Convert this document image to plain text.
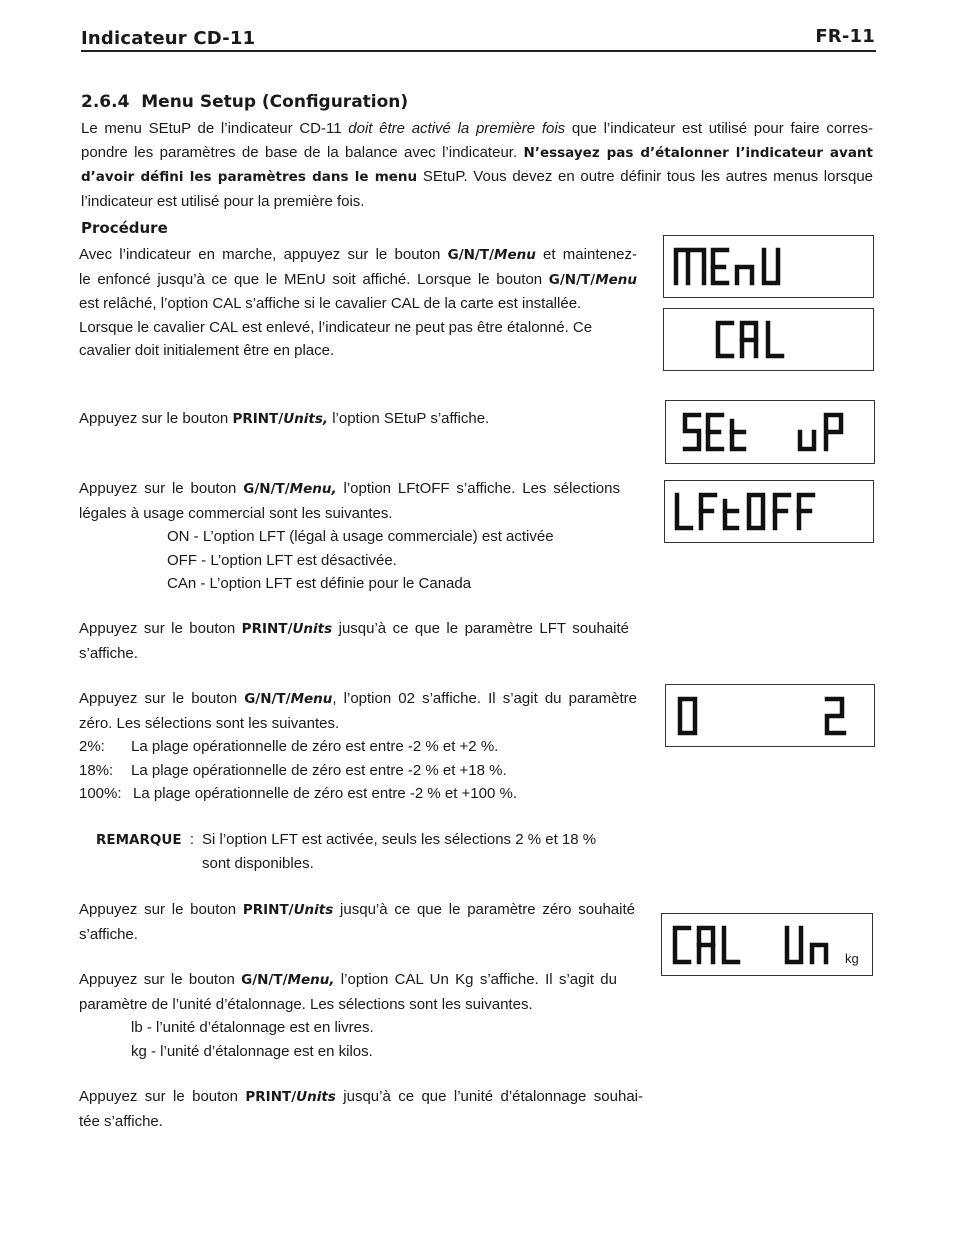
Indicateur CD-11	FR-11
2.6.4 Menu Setup (Configuration)
Le menu SEtuP de l’indicateur CD-11 doit être activé la première fois que l’indicateur est utilisé pour faire corres-
pondre les paramètres de base de la balance avec l’indicateur. N’essayez pas d’étalonner l’indicateur avant
d’avoir défini les paramètres dans le menu SEtuP. Vous devez en outre définir tous les autres menus lorsque
l’indicateur est utilisé pour la première fois.
Procédure
Avec l’indicateur en marche, appuyez sur le bouton G/N/T/Menu et maintenez-
le enfoncé jusqu’à ce que le MEnU soit affiché. Lorsque le bouton G/N/T/Menu
est relâché, l’option CAL s’affiche si le cavalier CAL de la carte est installée.
Lorsque le cavalier CAL est enlevé, l’indicateur ne peut pas être étalonné. Ce
cavalier doit initialement être en place.
Appuyez sur le bouton PRINT/Units, l’option SEtuP s’affiche.
Appuyez sur le bouton G/N/T/Menu, l’option LFtOFF s’affiche. Les sélections
légales à usage commercial sont les suivantes.
ON - L’option LFT (légal à usage commerciale) est activée
OFF - L’option LFT est désactivée.
CAn - L’option LFT est définie pour le Canada
Appuyez sur le bouton PRINT/Units jusqu’à ce que le paramètre LFT souhaité
s’affiche.
Appuyez sur le bouton G/N/T/Menu, l’option 02 s’affiche. Il s’agit du paramètre
zéro. Les sélections sont les suivantes.
2%: La plage opérationnelle de zéro est entre -2 % et +2 %.
18%: La plage opérationnelle de zéro est entre -2 % et +18 %.
100%: La plage opérationnelle de zéro est entre -2 % et +100 %.
REMARQUE : Si l’option LFT est activée, seuls les sélections 2 % et 18 %
sont disponibles.
Appuyez sur le bouton PRINT/Units jusqu’à ce que le paramètre zéro souhaité
s’affiche.
Appuyez sur le bouton G/N/T/Menu, l’option CAL Un Kg s’affiche. Il s’agit du
paramètre de l’unité d’étalonnage. Les sélections sont les suivantes.
lb - l’unité d’étalonnage est en livres.
kg - l’unité d’étalonnage est en kilos.
Appuyez sur le bouton PRINT/Units jusqu’à ce que l’unité d’étalonnage souhai-
tée s’affiche.
kg
